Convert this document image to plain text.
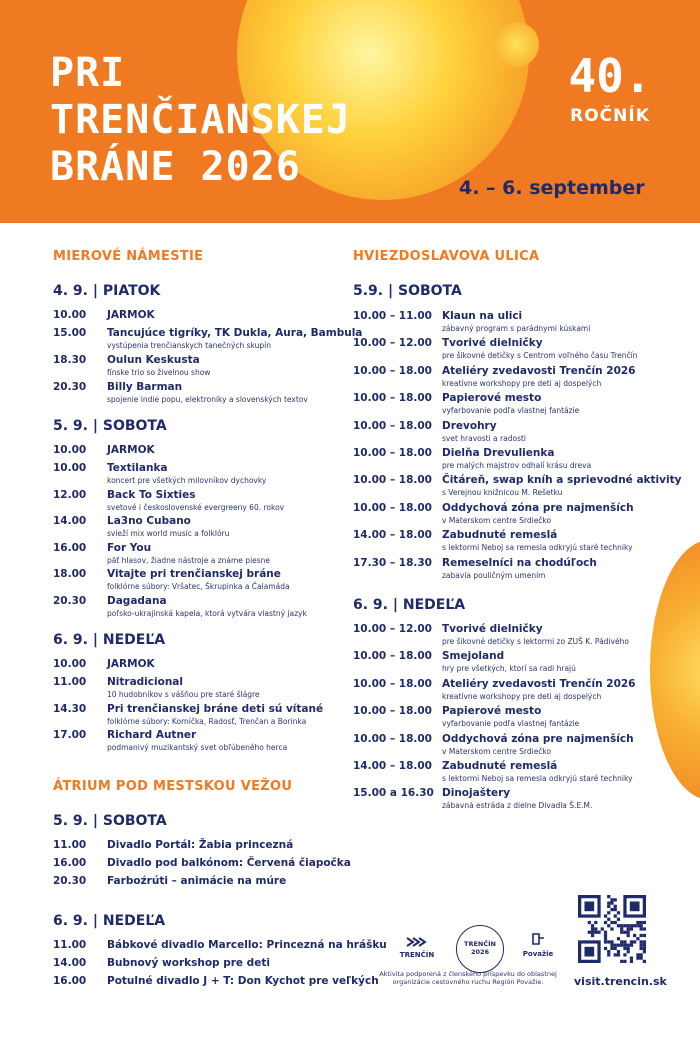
PRI
TRENČIANSKEJ
BRÁNE 2026
40.
ROČNÍK
4. – 6. september
MIEROVÉ NÁMESTIE
4. 9. | PIATOK
10.00 JARMOK
15.00 Tancujúce tigríky, TK Dukla, Aura, Bambula
vystúpenia trenčianskych tanečných skupín
18.30 Oulun Keskusta
fínske trio so živelnou show
20.30 Billy Barman
spojenie indie popu, elektroniky a slovenských textov
5. 9. | SOBOTA
10.00 JARMOK
10.00 Textilanka
koncert pre všetkých milovníkov dychovky
12.00 Back To Sixties
svetové i československé evergreeny 60. rokov
14.00 La3no Cubano
svieží mix world music a folklóru
16.00 For You
päť hlasov, žiadne nástroje a známe piesne
18.00 Vitajte pri trenčianskej bráne
folklórne súbory: Vršatec, Škrupinka a Čalamáda
20.30 Dagadana
poľsko-ukrajinská kapela, ktorá vytvára vlastný jazyk
6. 9. | NEDEĽA
10.00 JARMOK
11.00 Nitradicional
10 hudobníkov s vášňou pre staré šlágre
14.30 Pri trenčianskej bráne deti sú vítané
folklórne súbory: Korníčka, Radosť, Trenčan a Borinka
17.00 Richard Autner
podmanivý muzikantský svet obľúbeného herca
ÁTRIUM POD MESTSKOU VEŽOU
5. 9. | SOBOTA
11.00 Divadlo Portál: Žabia princezná
16.00 Divadlo pod balkónom: Červená čiapočka
20.30 Farboźrúti – animácie na múre
6. 9. | NEDEĽA
11.00 Bábkové divadlo Marcello: Princezná na hrášku
14.00 Bubnový workshop pre deti
16.00 Potulné divadlo J + T: Don Kychot pre veľkých
HVIEZDOSLAVOVA ULICA
5.9. | SOBOTA
10.00 – 11.00 Klaun na ulici
zábavný program s parádnymi kúskami
10.00 – 12.00 Tvorivé dielničky
pre šikovné detičky s Centrom voľného času Trenčín
10.00 – 18.00 Ateliéry zvedavosti Trenčín 2026
kreatívne workshopy pre deti aj dospelých
10.00 – 18.00 Papierové mesto
vyfarbovanie podľa vlastnej fantázie
10.00 – 18.00 Drevohry
svet hravosti a radosti
10.00 – 18.00 Dielňa Drevulienka
pre malých majstrov odhalí krásu dreva
10.00 – 18.00 Čitáreň, swap kníh a sprievodné aktivity
s Verejnou knižnicou M. Rešetku
10.00 – 18.00 Oddychová zóna pre najmenších
v Materskom centre Srdiečko
14.00 – 18.00 Zabudnuté remeslá
s lektormi Neboj sa remesla odkryjú staré techniky
17.30 – 18.30 Remeselníci na chodúľoch
zabavia pouličným umením
6. 9. | NEDEĽA
10.00 – 12.00 Tvorivé dielničky
pre šikovné detičky s lektormi zo ZUŠ K. Pádivého
10.00 – 18.00 Smejoland
hry pre všetkých, ktorí sa radi hrajú
10.00 – 18.00 Ateliéry zvedavosti Trenčín 2026
kreatívne workshopy pre deti aj dospelých
10.00 – 18.00 Papierové mesto
vyfarbovanie podľa vlastnej fantázie
10.00 – 18.00 Oddychová zóna pre najmenších
v Materskom centre Srdiečko
14.00 – 18.00 Zabudnuté remeslá
s lektormi Neboj sa remesla odkryjú staré techniky
15.00 a 16.30 Dinojaštery
zábavná estráda z dielne Divadla Š.E.M.
TRENČÍN
TRENČÍN 2026	Považie
Aktivita podporená z členského príspevku do oblastnej organizácie cestovného ruchu Región Považie.	visit.trencin.sk
